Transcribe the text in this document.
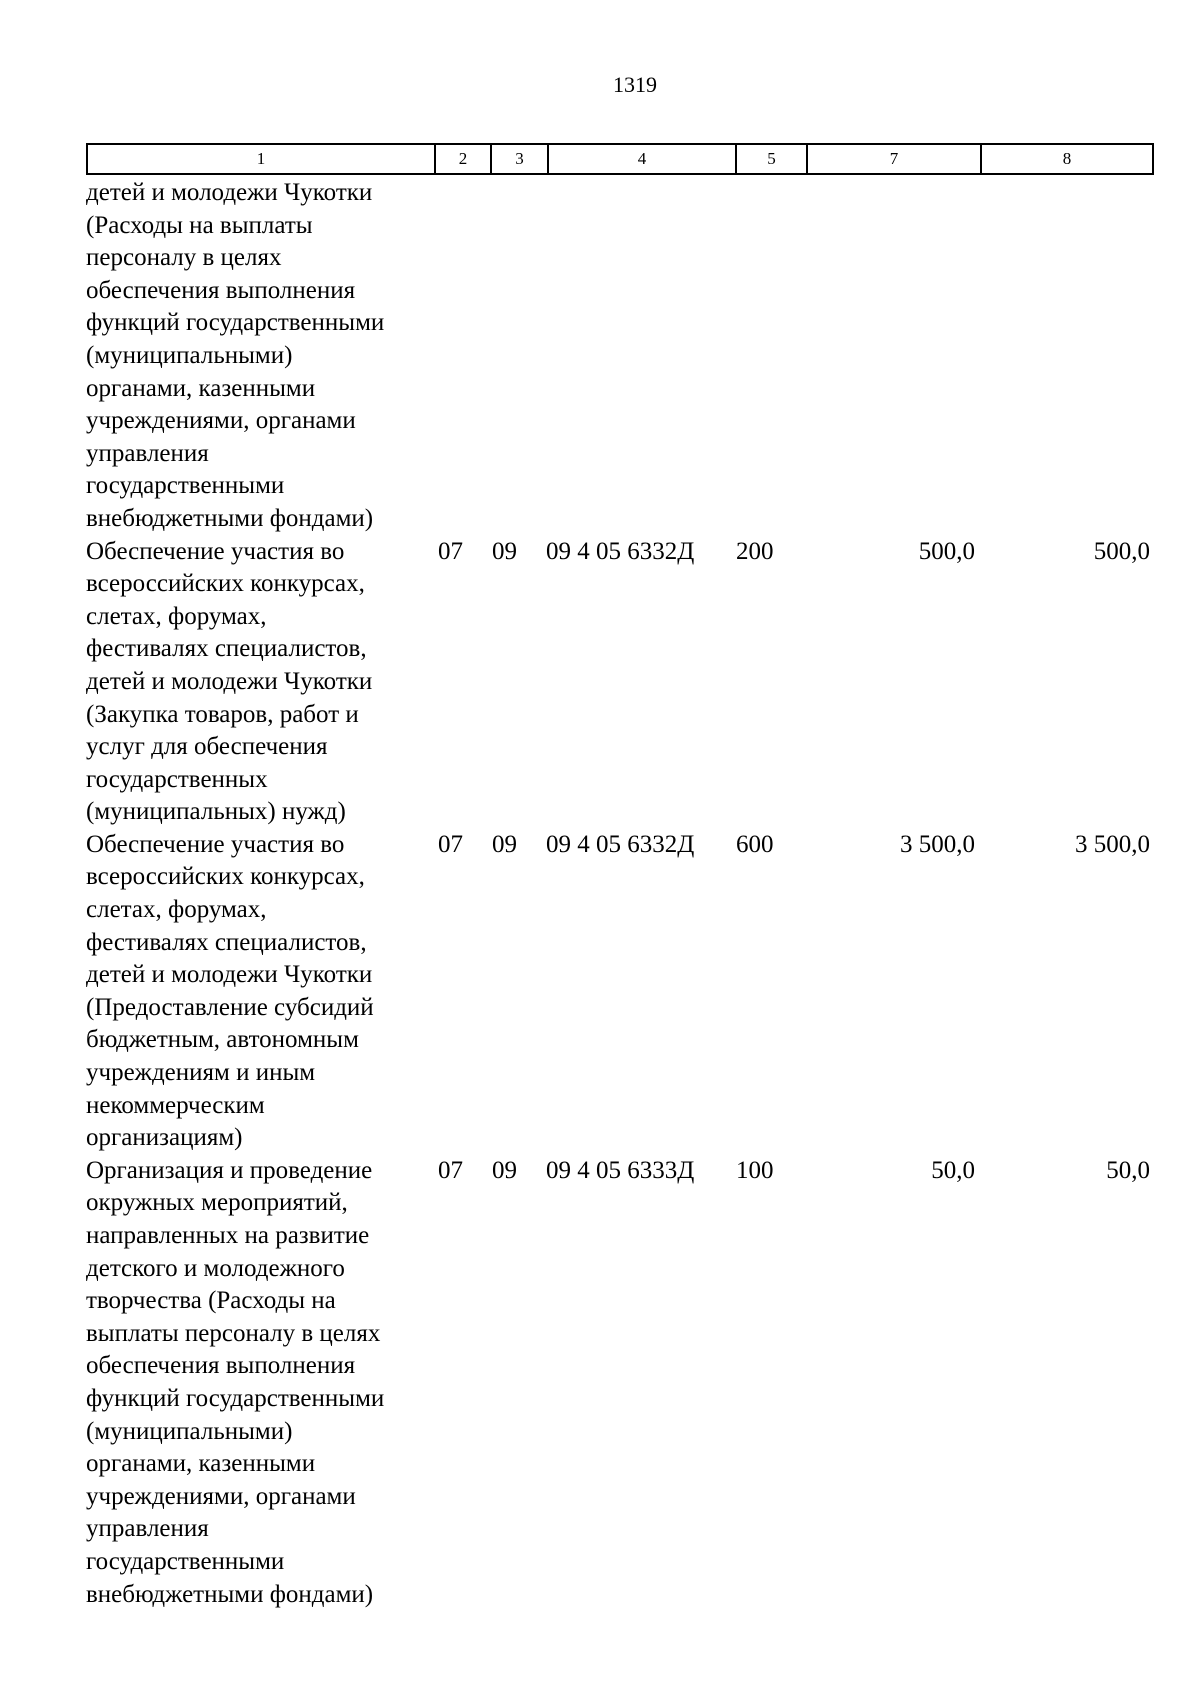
1319
1	2	3	4	5	7	8
детей и молодежи Чукотки
(Расходы на выплаты
персоналу в целях
обеспечения выполнения
функций государственными
(муниципальными)
органами, казенными
учреждениями, органами
управления
государственными
внебюджетными фондами)
Обеспечение участия во
всероссийских конкурсах,
слетах, форумах,
фестивалях специалистов,
детей и молодежи Чукотки
(Закупка товаров, работ и
услуг для обеспечения
государственных
(муниципальных) нужд)
07	09	09 4 05 6332Д	200	500,0	500,0
Обеспечение участия во
всероссийских конкурсах,
слетах, форумах,
фестивалях специалистов,
детей и молодежи Чукотки
(Предоставление субсидий
бюджетным, автономным
учреждениям и иным
некоммерческим
организациям)
07	09	09 4 05 6332Д	600	3 500,0	3 500,0
Организация и проведение
окружных мероприятий,
направленных на развитие
детского и молодежного
творчества (Расходы на
выплаты персоналу в целях
обеспечения выполнения
функций государственными
(муниципальными)
органами, казенными
учреждениями, органами
управления
государственными
внебюджетными фондами)
07	09	09 4 05 6333Д	100	50,0	50,0
